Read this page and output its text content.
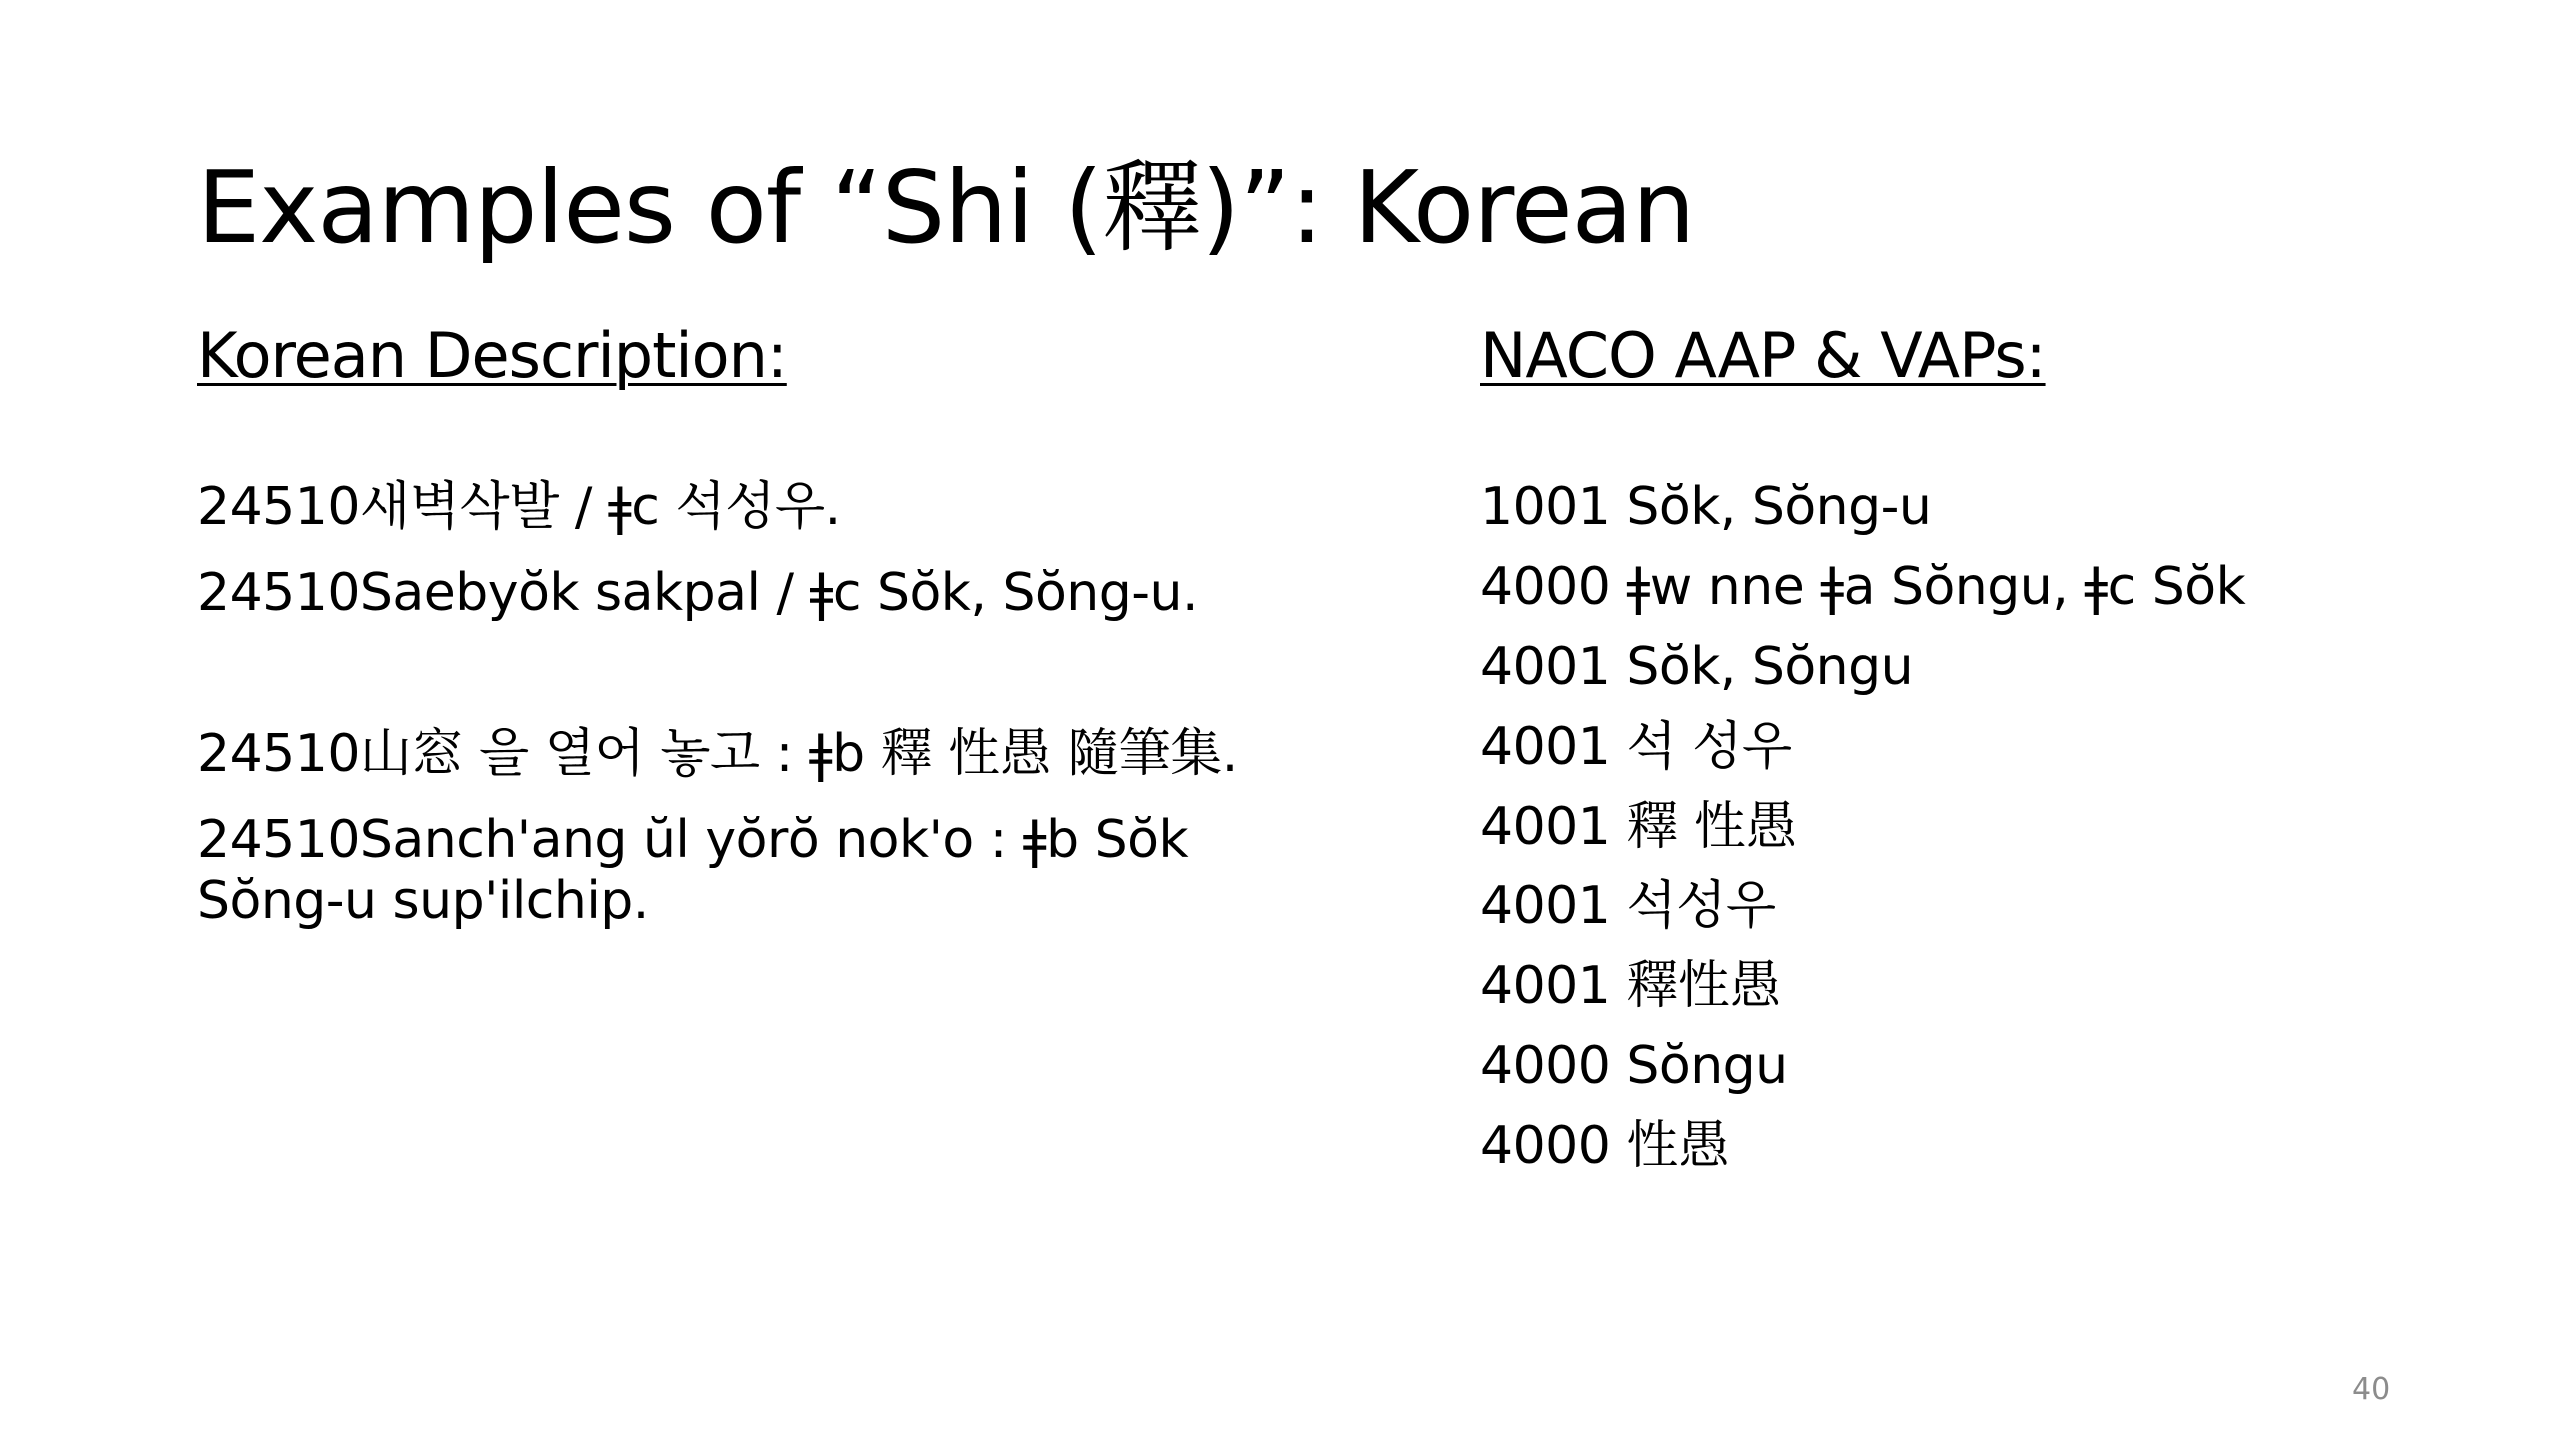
Examples of “Shi (釋)”: Korean
Korean Description:

24510새벽삭발 / ǂc 석성우.

24510Saebyŏk sakpal / ǂc Sŏk, Sŏng-u.

24510山窓 을 열어 놓고 : ǂb 釋 性愚 隨筆集.

24510Sanch'ang ŭl yŏrŏ nok'o : ǂb Sŏk Sŏng-u sup'ilchip.

NACO AAP & VAPs:

1001 Sŏk, Sŏng-u

4000 ǂw nne ǂa Sŏngu, ǂc Sŏk

4001 Sŏk, Sŏngu

4001 석 성우

4001 釋 性愚

4001 석성우

4001 釋性愚

4000 Sŏngu

4000 性愚

40
